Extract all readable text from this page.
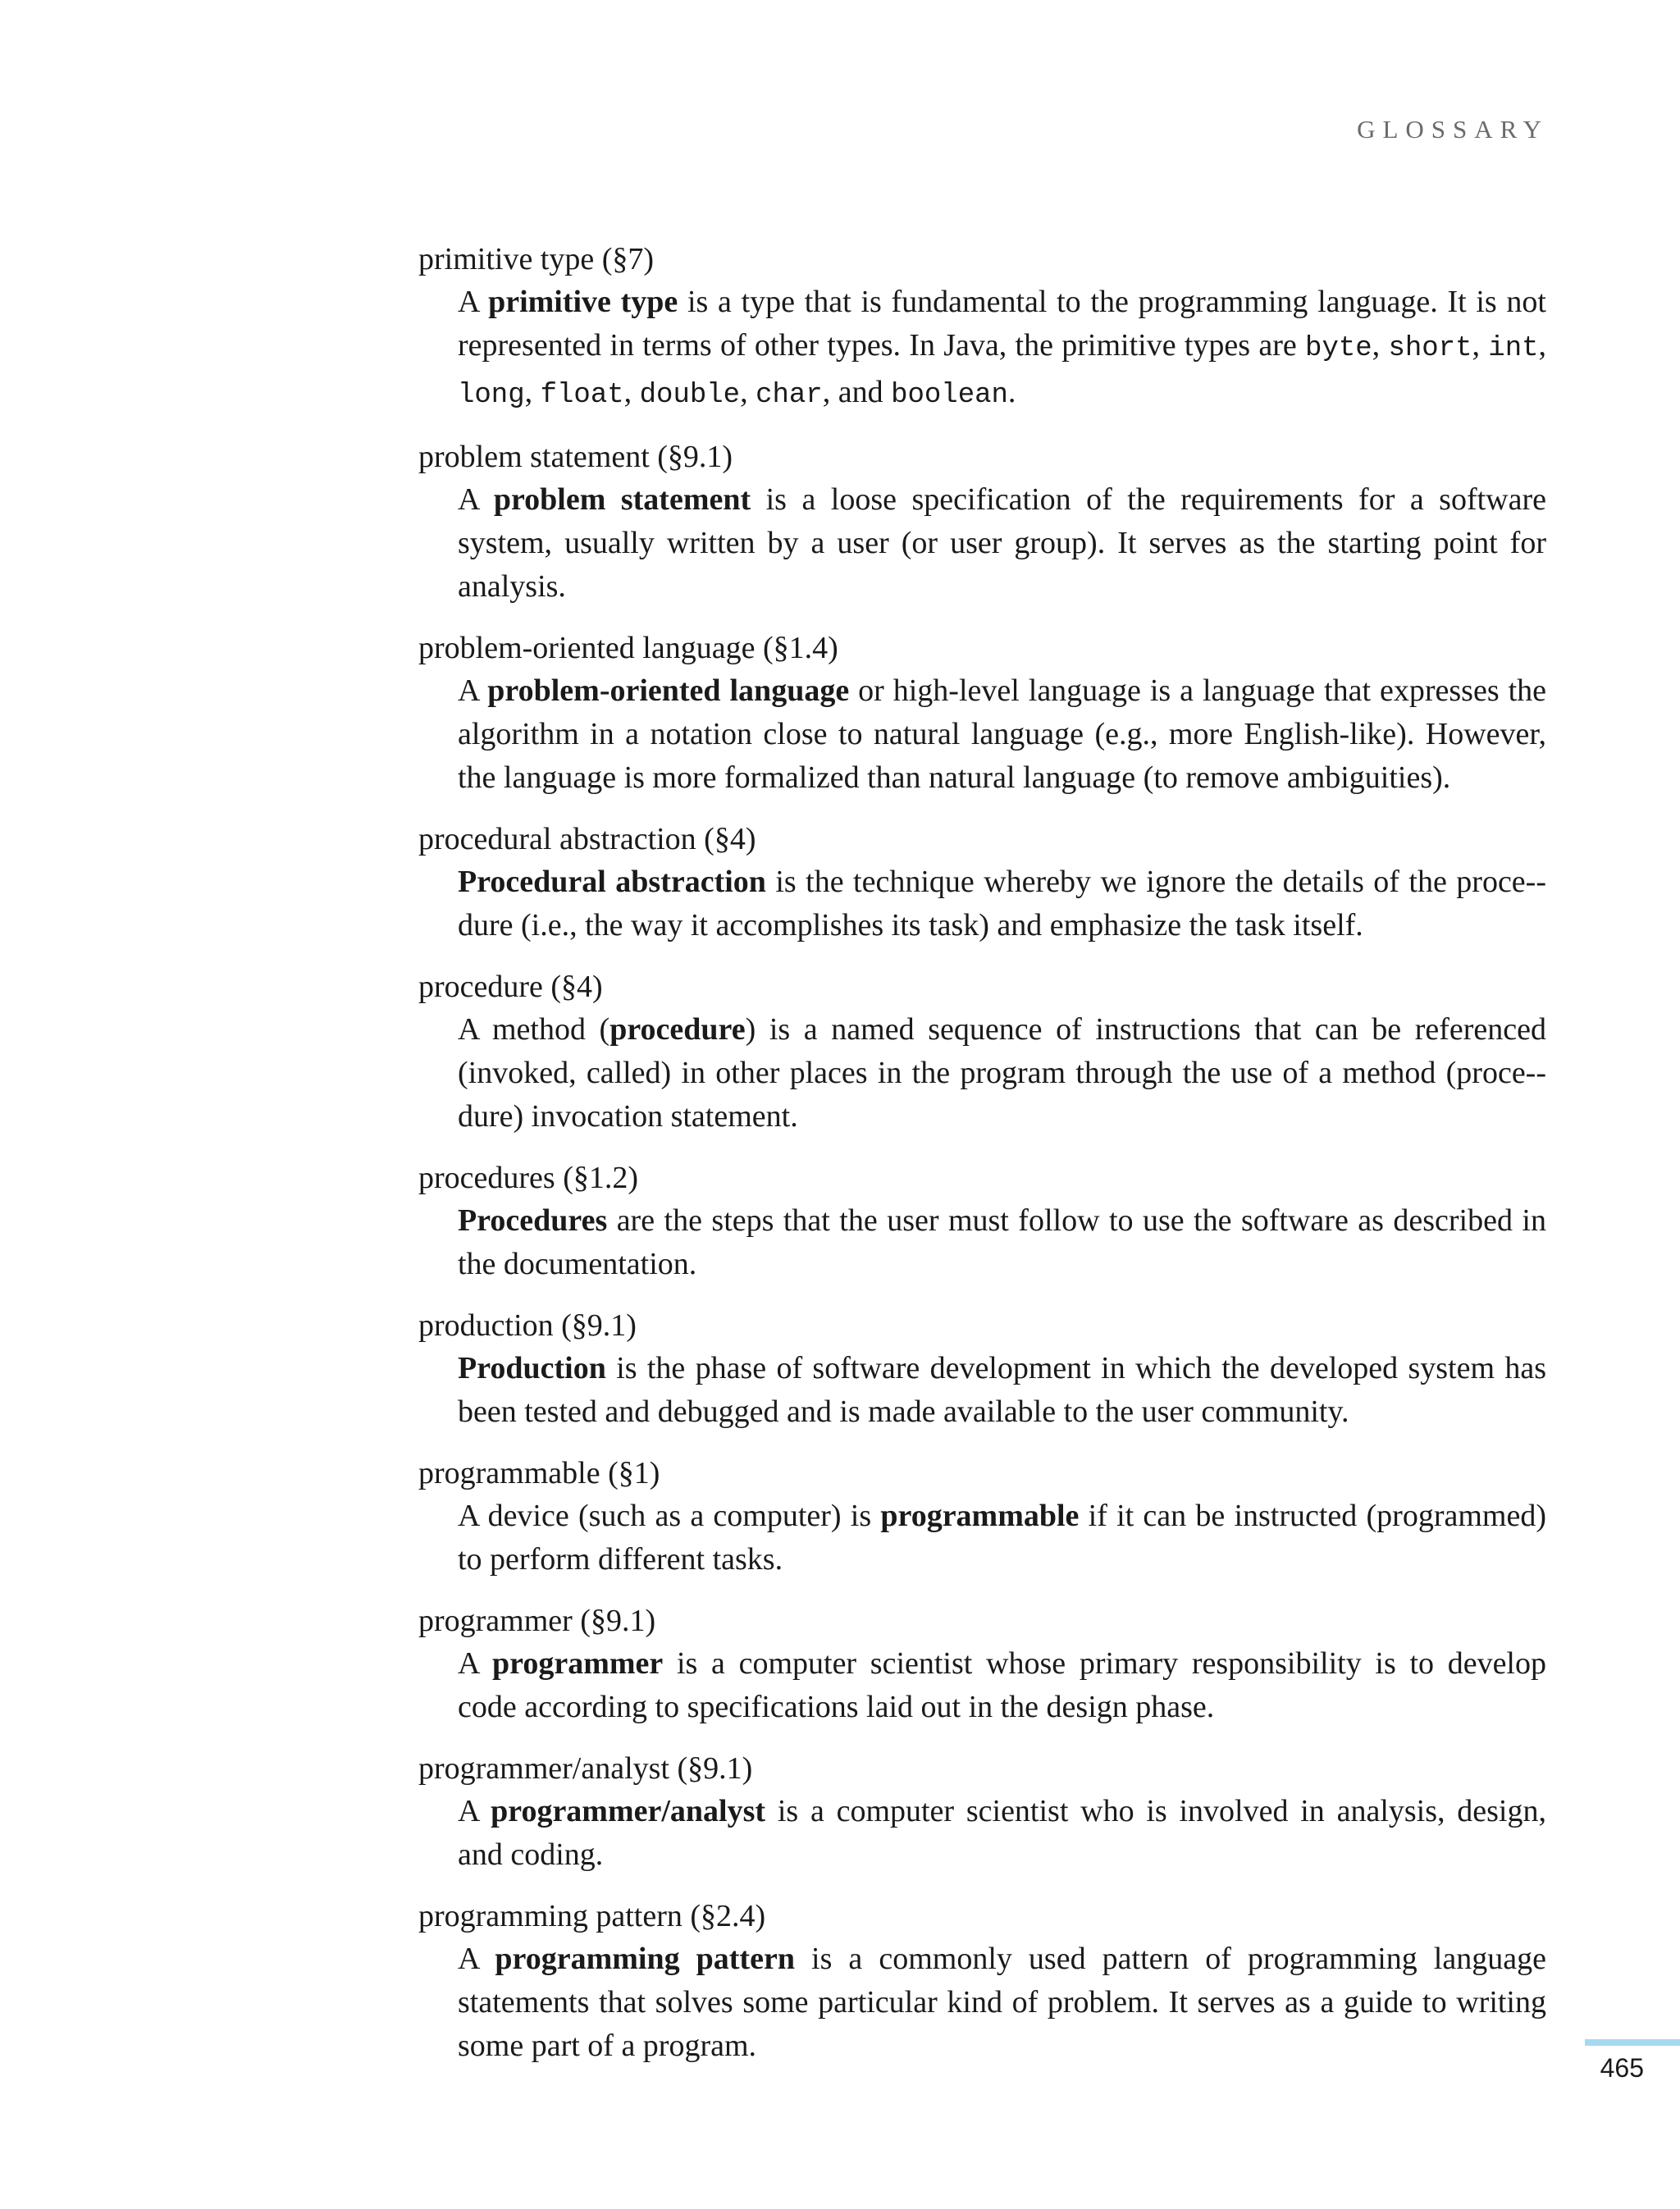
GLOSSARY
primitive type (§7)
A primitive type is a type that is fundamental to the programming language. It is not represented in terms of other types. In Java, the primitive types are byte, short, int, long, float, double, char, and boolean.
problem statement (§9.1)
A problem statement is a loose specification of the requirements for a software system, usually written by a user (or user group). It serves as the starting point for analysis.
problem-oriented language (§1.4)
A problem-oriented language or high-level language is a language that expresses the algorithm in a notation close to natural language (e.g., more English-like). However, the language is more formalized than natural language (to remove ambiguities).
procedural abstraction (§4)
Procedural abstraction is the technique whereby we ignore the details of the proce-dure (i.e., the way it accomplishes its task) and emphasize the task itself.
procedure (§4)
A method (procedure) is a named sequence of instructions that can be referenced (invoked, called) in other places in the program through the use of a method (proce-dure) invocation statement.
procedures (§1.2)
Procedures are the steps that the user must follow to use the software as described in the documentation.
production (§9.1)
Production is the phase of software development in which the developed system has been tested and debugged and is made available to the user community.
programmable (§1)
A device (such as a computer) is programmable if it can be instructed (programmed) to perform different tasks.
programmer (§9.1)
A programmer is a computer scientist whose primary responsibility is to develop code according to specifications laid out in the design phase.
programmer/analyst (§9.1)
A programmer/analyst is a computer scientist who is involved in analysis, design, and coding.
programming pattern (§2.4)
A programming pattern is a commonly used pattern of programming language statements that solves some particular kind of problem. It serves as a guide to writing some part of a program.
465
